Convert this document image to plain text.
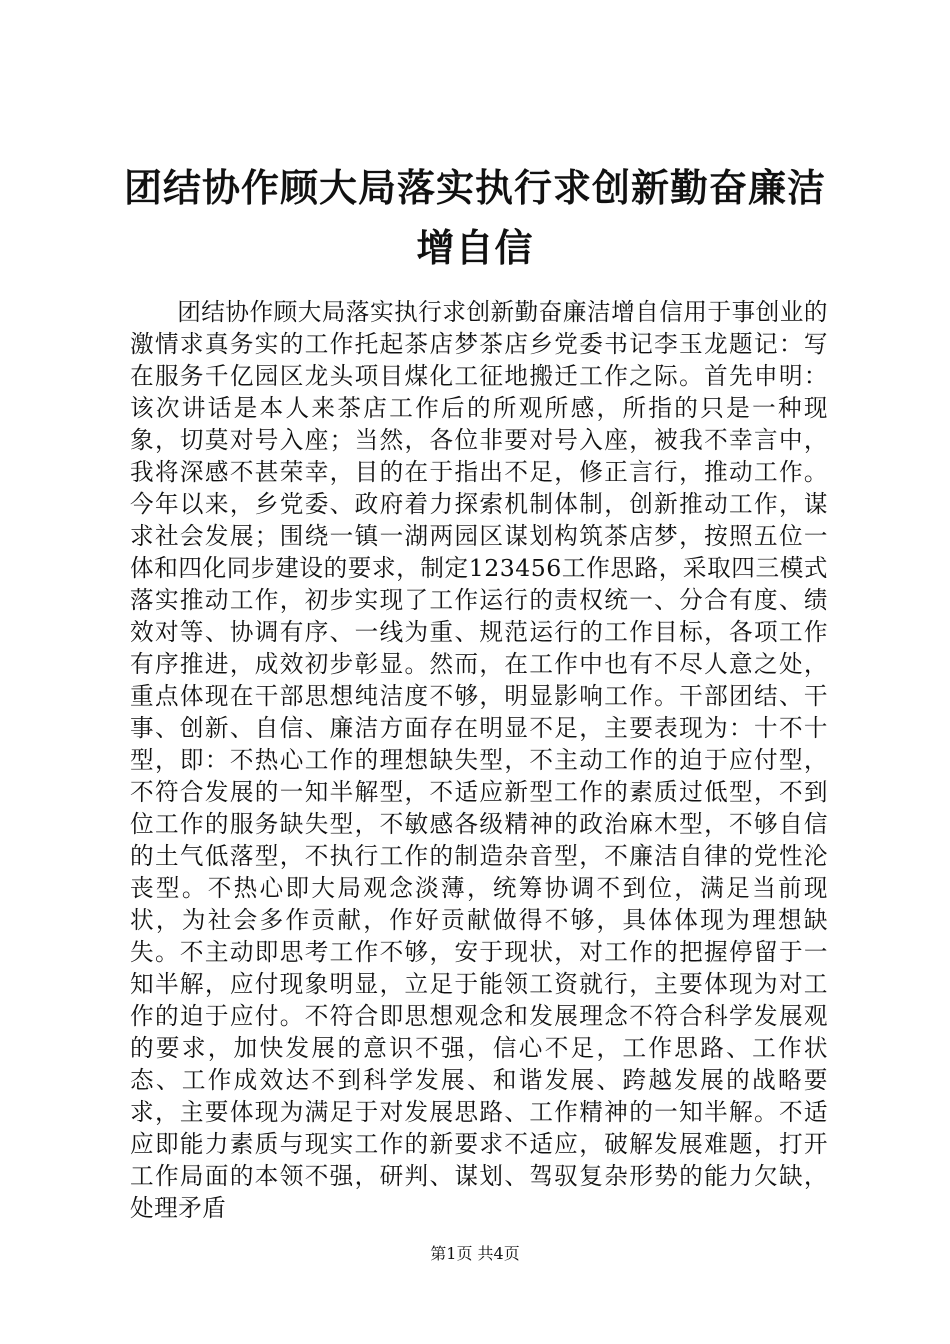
团结协作顾大局落实执行求创新勤奋廉洁增自信

团结协作顾大局落实执行求创新勤奋廉洁增自信用于事创业的激情求真务实的工作托起茶店梦茶店乡党委书记李玉龙题记：写在服务千亿园区龙头项目煤化工征地搬迁工作之际。首先申明：该次讲话是本人来茶店工作后的所观所感，所指的只是一种现象，切莫对号入座；当然，各位非要对号入座，被我不幸言中，我将深感不甚荣幸，目的在于指出不足，修正言行，推动工作。今年以来，乡党委、政府着力探索机制体制，创新推动工作，谋求社会发展；围绕一镇一湖两园区谋划构筑茶店梦，按照五位一体和四化同步建设的要求，制定123456工作思路，采取四三模式落实推动工作，初步实现了工作运行的责权统一、分合有度、绩效对等、协调有序、一线为重、规范运行的工作目标，各项工作有序推进，成效初步彰显。然而，在工作中也有不尽人意之处，重点体现在干部思想纯洁度不够，明显影响工作。干部团结、干事、创新、自信、廉洁方面存在明显不足，主要表现为：十不十型，即：不热心工作的理想缺失型，不主动工作的迫于应付型，不符合发展的一知半解型，不适应新型工作的素质过低型，不到位工作的服务缺失型，不敏感各级精神的政治麻木型，不够自信的土气低落型，不执行工作的制造杂音型，不廉洁自律的党性沦丧型。不热心即大局观念淡薄，统筹协调不到位，满足当前现状，为社会多作贡献，作好贡献做得不够，具体体现为理想缺失。不主动即思考工作不够，安于现状，对工作的把握停留于一知半解，应付现象明显，立足于能领工资就行，主要体现为对工作的迫于应付。不符合即思想观念和发展理念不符合科学发展观的要求，加快发展的意识不强，信心不足，工作思路、工作状态、工作成效达不到科学发展、和谐发展、跨越发展的战略要求，主要体现为满足于对发展思路、工作精神的一知半解。不适应即能力素质与现实工作的新要求不适应，破解发展难题，打开工作局面的本领不强，研判、谋划、驾驭复杂形势的能力欠缺，处理矛盾

第1页 共4页
